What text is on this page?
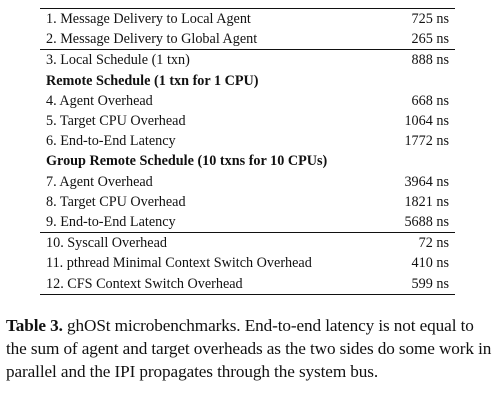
1. Message Delivery to Local Agent	725 ns
2. Message Delivery to Global Agent	265 ns
3. Local Schedule (1 txn)	888 ns
Remote Schedule (1 txn for 1 CPU)	
4. Agent Overhead	668 ns
5. Target CPU Overhead	1064 ns
6. End-to-End Latency	1772 ns
Group Remote Schedule (10 txns for 10 CPUs)	
7. Agent Overhead	3964 ns
8. Target CPU Overhead	1821 ns
9. End-to-End Latency	5688 ns
10. Syscall Overhead	72 ns
11. pthread Minimal Context Switch Overhead	410 ns
12. CFS Context Switch Overhead	599 ns
Table 3. ghOSt microbenchmarks. End-to-end latency is not equal to the sum of agent and target overheads as the two sides do some work in parallel and the IPI propagates through the system bus.
